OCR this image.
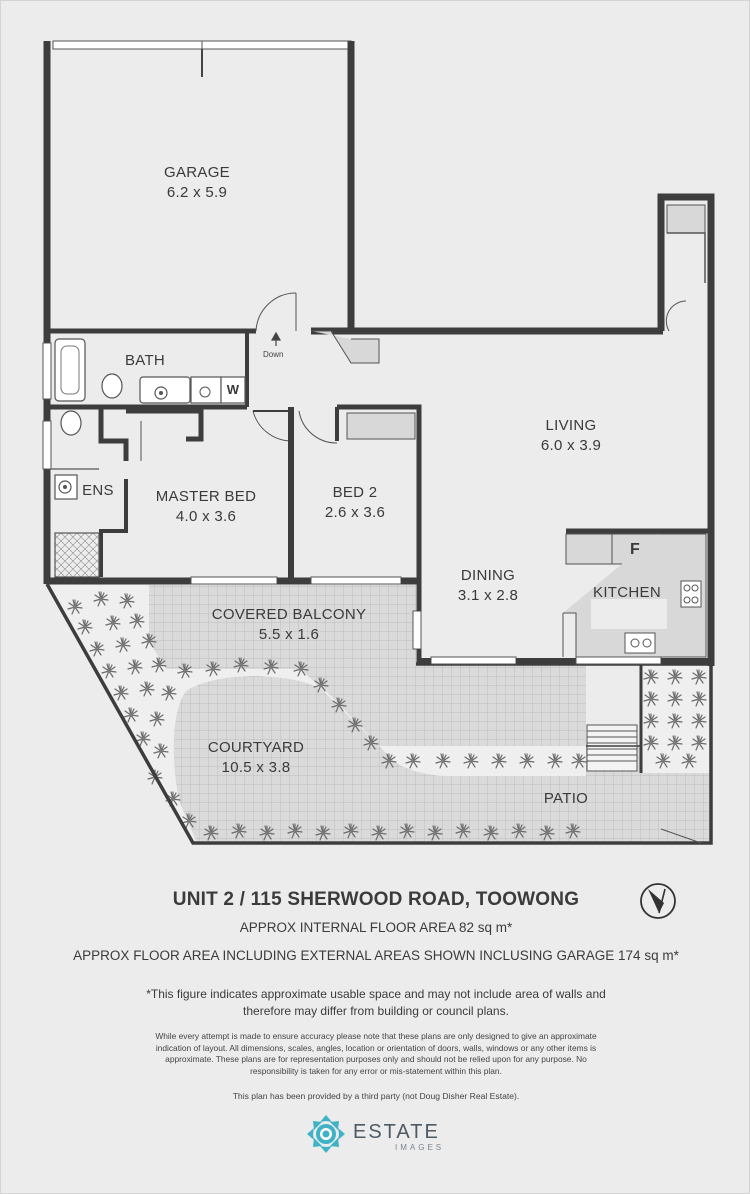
Down
GARAGE
6.2 x 5.9
BATH
W
ENS	MASTER BED
4.0 x 3.6
BED 2
2.6 x 3.6
LIVING
6.0 x 3.9
DINING
3.1 x 2.8	KITCHEN
F
COVERED BALCONY
5.5 x 1.6
COURTYARD
10.5 x 3.8
PATIO
UNIT 2 / 115 SHERWOOD ROAD, TOOWONG
APPROX INTERNAL FLOOR AREA 82 sq m*
APPROX FLOOR AREA INCLUDING EXTERNAL AREAS SHOWN INCLUSING GARAGE 174 sq m*
*This figure indicates approximate usable space and may not include area of walls and
therefore may differ from building or council plans.
While every attempt is made to ensure accuracy please note that these plans are only designed to give an approximate
indication of layout. All dimensions, scales, angles, location or orientation of doors, walls, windows or any other items is
approximate. These plans are for representation purposes only and should not be relied upon for any purpose. No
responsibility is taken for any error or mis-statement within this plan.
This plan has been provided by a third party (not Doug Disher Real Estate).
ESTATE
IMAGES
